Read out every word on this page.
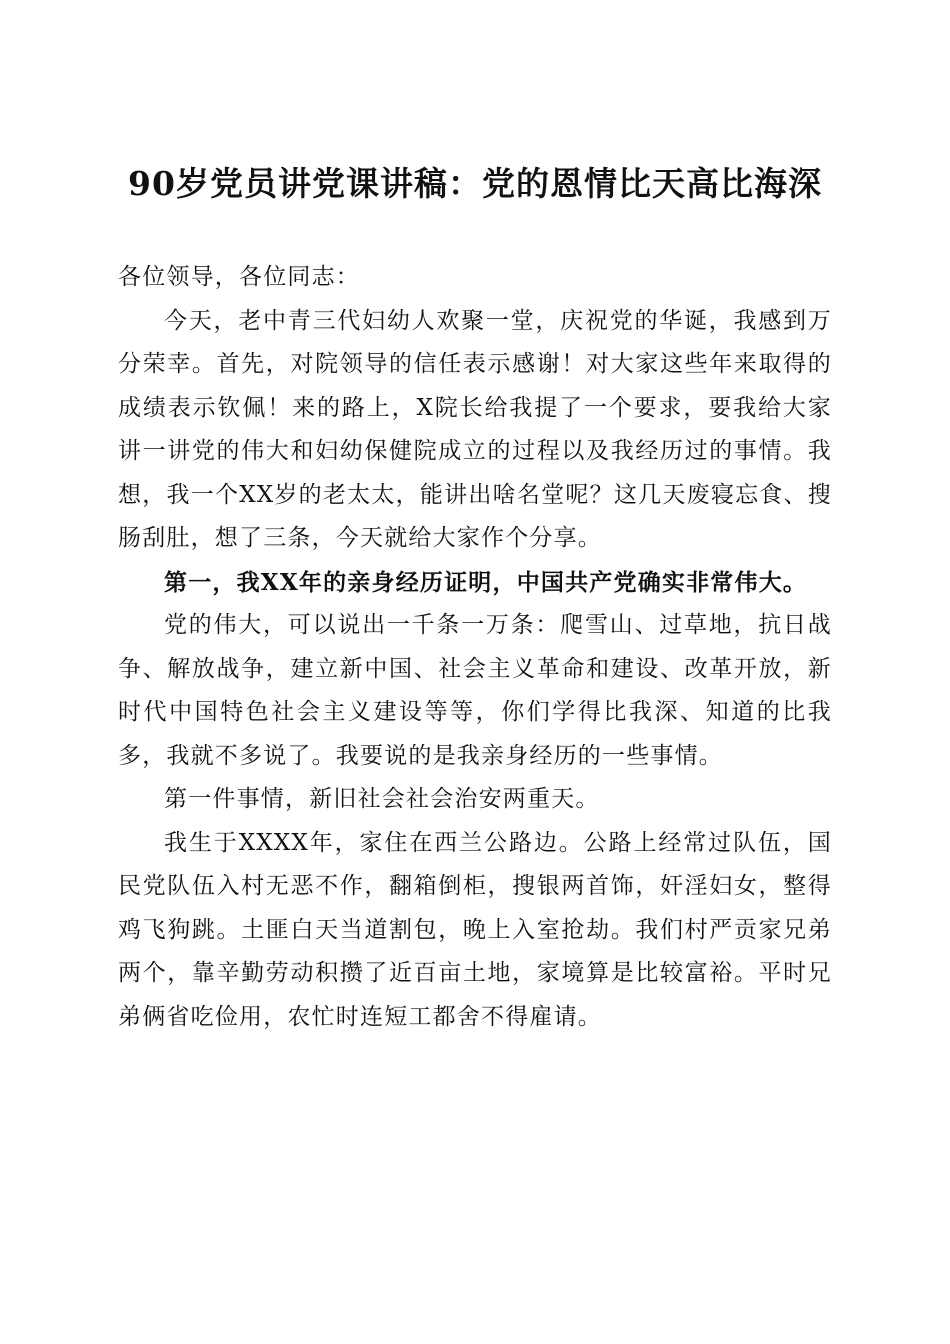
90岁党员讲党课讲稿：党的恩情比天高比海深

各位领导，各位同志：

今天，老中青三代妇幼人欢聚一堂，庆祝党的华诞，我感到万分荣幸。首先，对院领导的信任表示感谢！对大家这些年来取得的成绩表示钦佩！来的路上，X院长给我提了一个要求，要我给大家讲一讲党的伟大和妇幼保健院成立的过程以及我经历过的事情。我想，我一个XX岁的老太太，能讲出啥名堂呢？这几天废寝忘食、搜肠刮肚，想了三条，今天就给大家作个分享。

第一，我XX年的亲身经历证明，中国共产党确实非常伟大。

党的伟大，可以说出一千条一万条：爬雪山、过草地，抗日战争、解放战争，建立新中国、社会主义革命和建设、改革开放，新时代中国特色社会主义建设等等，你们学得比我深、知道的比我多，我就不多说了。我要说的是我亲身经历的一些事情。

第一件事情，新旧社会社会治安两重天。

我生于XXXX年，家住在西兰公路边。公路上经常过队伍，国民党队伍入村无恶不作，翻箱倒柜，搜银两首饰，奸淫妇女，整得鸡飞狗跳。土匪白天当道割包，晚上入室抢劫。我们村严贡家兄弟两个，靠辛勤劳动积攒了近百亩土地，家境算是比较富裕。平时兄弟俩省吃俭用，农忙时连短工都舍不得雇请。
